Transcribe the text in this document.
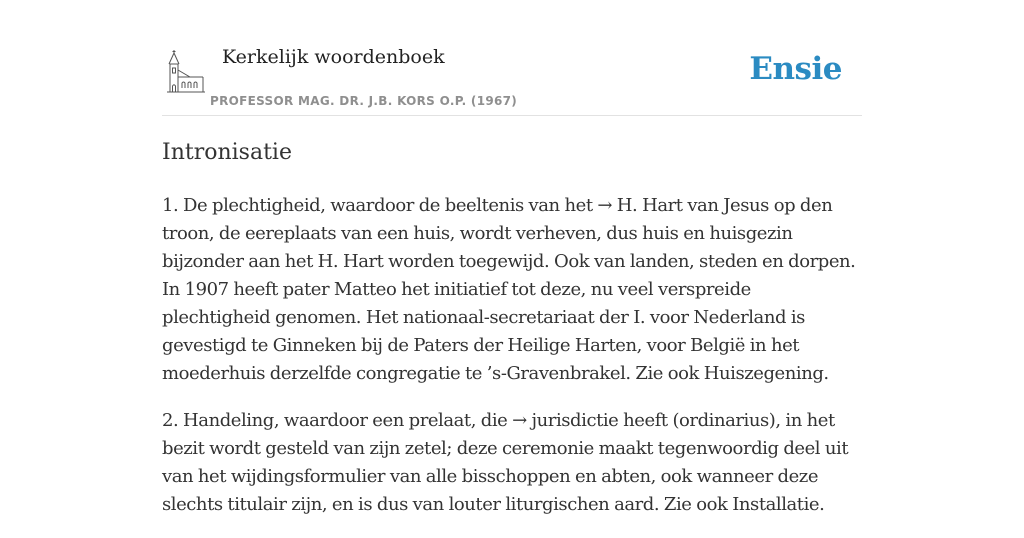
Kerkelijk woordenboek
PROFESSOR MAG. DR. J.B. KORS O.P. (1967)
Ensie
Intronisatie

1. De plechtigheid, waardoor de beeltenis van het → H. Hart van Jesus op den troon, de eereplaats van een huis, wordt verheven, dus huis en huisgezin bijzonder aan het H. Hart worden toegewijd. Ook van landen, steden en dorpen. In 1907 heeft pater Matteo het initiatief tot deze, nu veel verspreide plechtigheid genomen. Het nationaal-secretariaat der I. voor Nederland is gevestigd te Ginneken bij de Paters der Heilige Harten, voor België in het moederhuis derzelfde congregatie te ’s-Gravenbrakel. Zie ook Huiszegening.

2. Handeling, waardoor een prelaat, die → jurisdictie heeft (ordinarius), in het bezit wordt gesteld van zijn zetel; deze ceremonie maakt tegenwoordig deel uit van het wijdingsformulier van alle bisschoppen en abten, ook wanneer deze slechts titulair zijn, en is dus van louter liturgischen aard. Zie ook Installatie.
